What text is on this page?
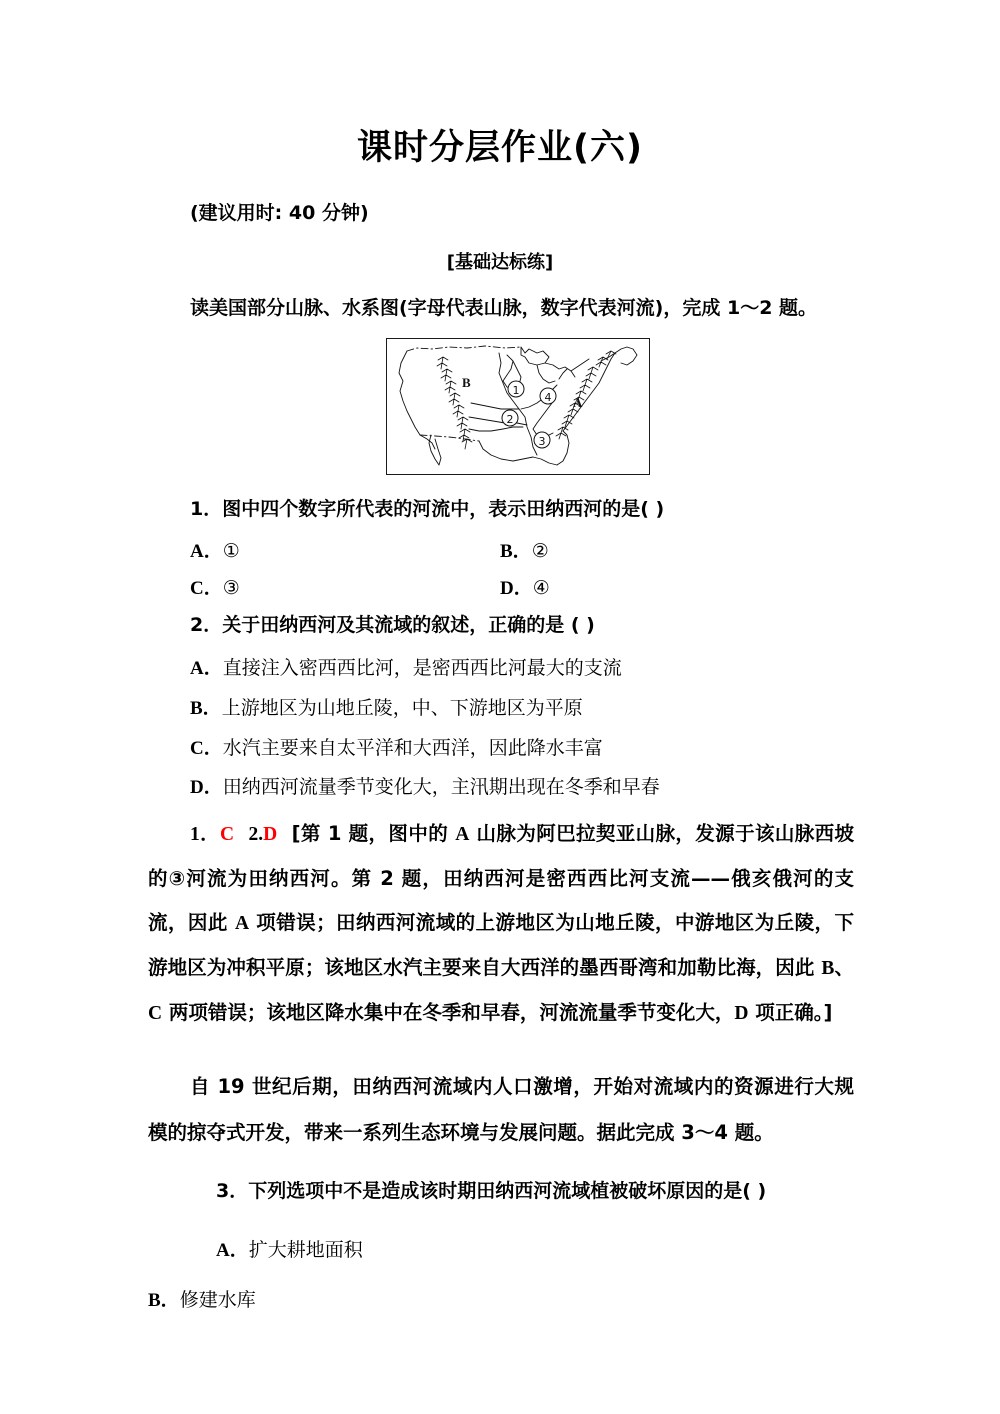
课时分层作业(六)
(建议用时: 40 分钟)
[基础达标练]
读美国部分山脉、水系图(字母代表山脉，数字代表河流)，完成 1～2 题。
B
A
1
2
3
4
1．图中四个数字所代表的河流中，表示田纳西河的是( )
A．①	B．②
C．③	D．④
2．关于田纳西河及其流域的叙述，正确的是 ( )
A．直接注入密西西比河，是密西西比河最大的支流
B．上游地区为山地丘陵，中、下游地区为平原
C．水汽主要来自太平洋和大西洋，因此降水丰富
D．田纳西河流量季节变化大，主汛期出现在冬季和早春
1．C 2.D [第 1 题，图中的 A 山脉为阿巴拉契亚山脉，发源于该山脉西坡的③河流为田纳西河。第 2 题，田纳西河是密西西比河支流——俄亥俄河的支流，因此 A 项错误；田纳西河流域的上游地区为山地丘陵，中游地区为丘陵，下游地区为冲积平原；该地区水汽主要来自大西洋的墨西哥湾和加勒比海，因此 B、C 两项错误；该地区降水集中在冬季和早春，河流流量季节变化大，D 项正确。]
自 19 世纪后期，田纳西河流域内人口激增，开始对流域内的资源进行大规模的掠夺式开发，带来一系列生态环境与发展问题。据此完成 3～4 题。
3．下列选项中不是造成该时期田纳西河流域植被破坏原因的是( )
A．扩大耕地面积
B．修建水库
